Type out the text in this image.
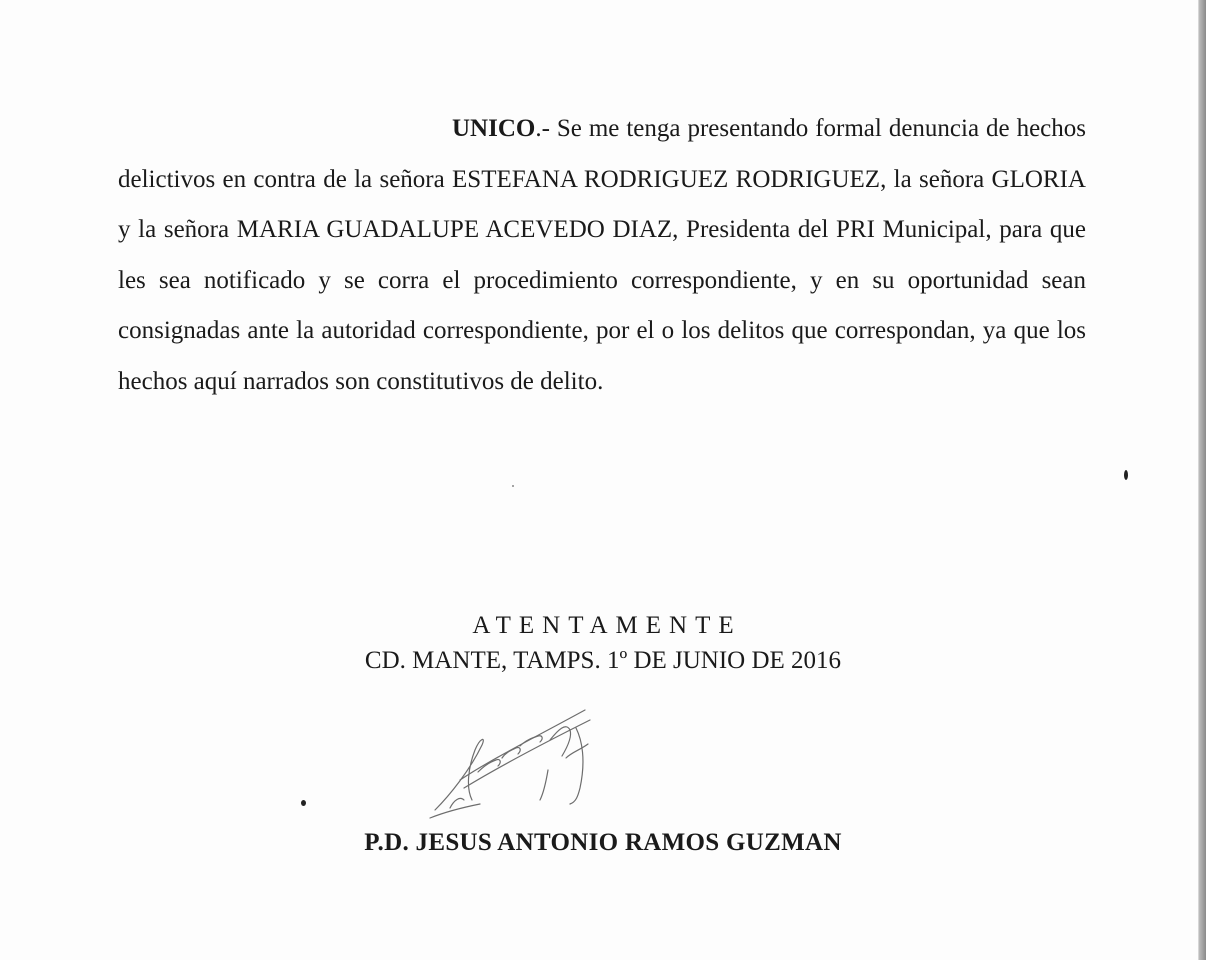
UNICO.- Se me tenga presentando formal denuncia de hechos delictivos en contra de la señora ESTEFANA RODRIGUEZ RODRIGUEZ, la señora GLORIA y la señora MARIA GUADALUPE ACEVEDO DIAZ, Presidenta del PRI Municipal, para que les sea notificado y se corra el procedimiento correspondiente, y en su oportunidad sean consignadas ante la autoridad correspondiente, por el o los delitos que correspondan, ya que los hechos aquí narrados son constitutivos de delito.

ATENTAMENTE

CD. MANTE, TAMPS. 1º DE JUNIO DE 2016

P.D. JESUS ANTONIO RAMOS GUZMAN
